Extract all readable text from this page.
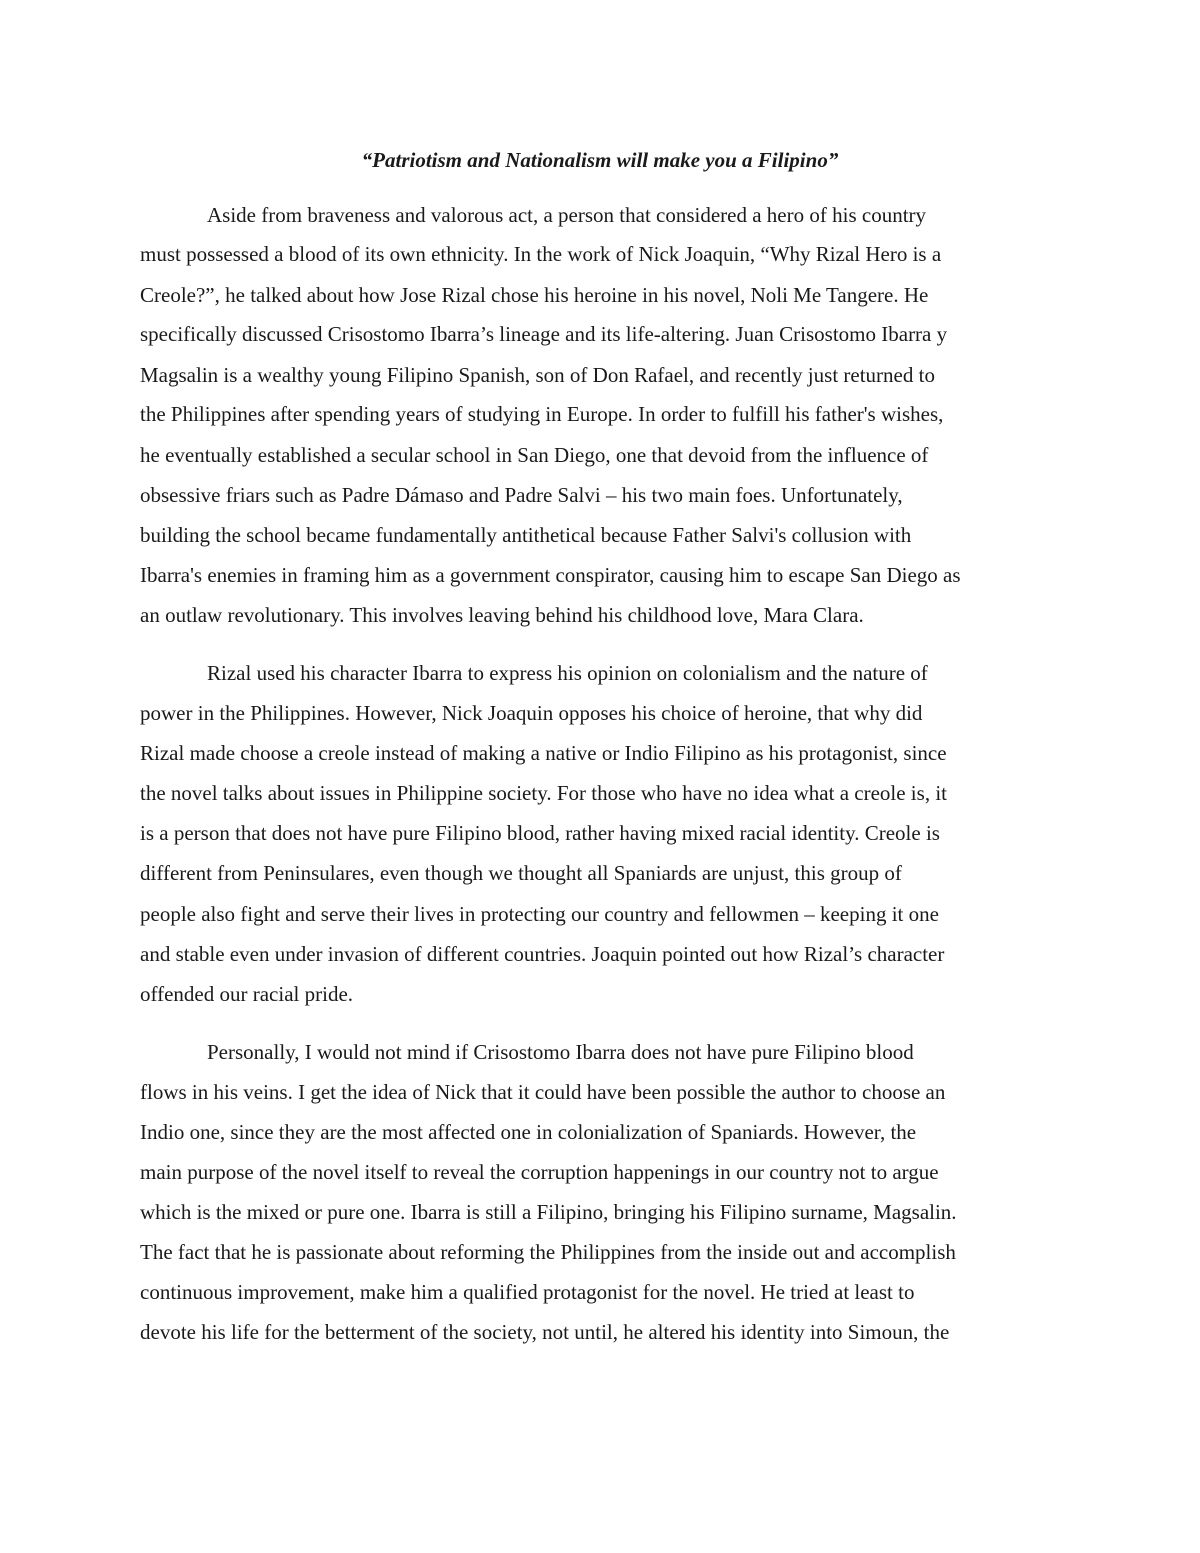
“Patriotism and Nationalism will make you a Filipino”

Aside from braveness and valorous act, a person that considered a hero of his country

must possessed a blood of its own ethnicity. In the work of Nick Joaquin, “Why Rizal Hero is a

Creole?”, he talked about how Jose Rizal chose his heroine in his novel, Noli Me Tangere. He

specifically discussed Crisostomo Ibarra’s lineage and its life-altering. Juan Crisostomo Ibarra y

Magsalin is a wealthy young Filipino Spanish, son of Don Rafael, and recently just returned to

the Philippines after spending years of studying in Europe. In order to fulfill his father's wishes,

he eventually established a secular school in San Diego, one that devoid from the influence of

obsessive friars such as Padre Dámaso and Padre Salvi – his two main foes. Unfortunately,

building the school became fundamentally antithetical because Father Salvi's collusion with

Ibarra's enemies in framing him as a government conspirator, causing him to escape San Diego as

an outlaw revolutionary. This involves leaving behind his childhood love, Mara Clara.

Rizal used his character Ibarra to express his opinion on colonialism and the nature of

power in the Philippines. However, Nick Joaquin opposes his choice of heroine, that why did

Rizal made choose a creole instead of making a native or Indio Filipino as his protagonist, since

the novel talks about issues in Philippine society. For those who have no idea what a creole is, it

is a person that does not have pure Filipino blood, rather having mixed racial identity. Creole is

different from Peninsulares, even though we thought all Spaniards are unjust, this group of

people also fight and serve their lives in protecting our country and fellowmen – keeping it one

and stable even under invasion of different countries. Joaquin pointed out how Rizal’s character

offended our racial pride.

Personally, I would not mind if Crisostomo Ibarra does not have pure Filipino blood

flows in his veins. I get the idea of Nick that it could have been possible the author to choose an

Indio one, since they are the most affected one in colonialization of Spaniards. However, the

main purpose of the novel itself to reveal the corruption happenings in our country not to argue

which is the mixed or pure one. Ibarra is still a Filipino, bringing his Filipino surname, Magsalin.

The fact that he is passionate about reforming the Philippines from the inside out and accomplish

continuous improvement, make him a qualified protagonist for the novel. He tried at least to

devote his life for the betterment of the society, not until, he altered his identity into Simoun, the
